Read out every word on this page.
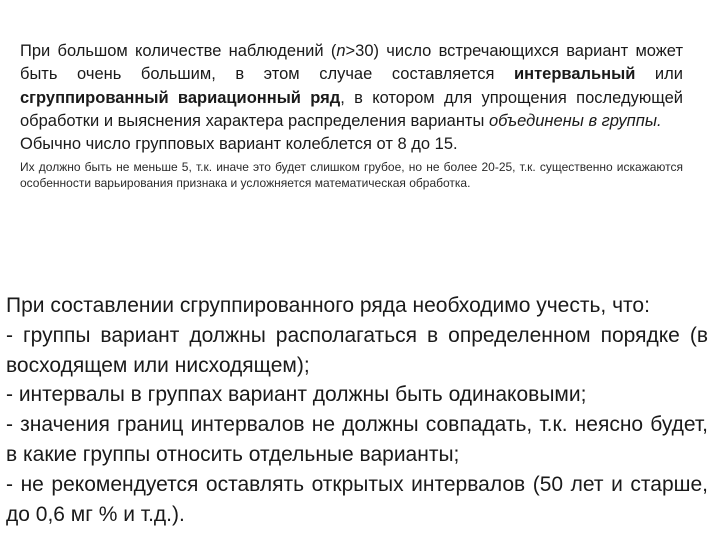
При большом количестве наблюдений (n>30) число встречающихся вариант может быть очень большим, в этом случае составляется интервальный или сгруппированный вариационный ряд, в котором для упрощения последующей обработки и выяснения характера распределения варианты объединены в группы.

Обычно число групповых вариант колеблется от 8 до 15.

Их должно быть не меньше 5, т.к. иначе это будет слишком грубое, но не более 20-25, т.к. существенно искажаются особенности варьирования признака и усложняется математическая обработка.

При составлении сгруппированного ряда необходимо учесть, что:

- группы вариант должны располагаться в определенном порядке (в восходящем или нисходящем);

- интервалы в группах вариант должны быть одинаковыми;

- значения границ интервалов не должны совпадать, т.к. неясно будет, в какие группы относить отдельные варианты;

- не рекомендуется оставлять открытых интервалов (50 лет и старше, до 0,6 мг % и т.д.).
